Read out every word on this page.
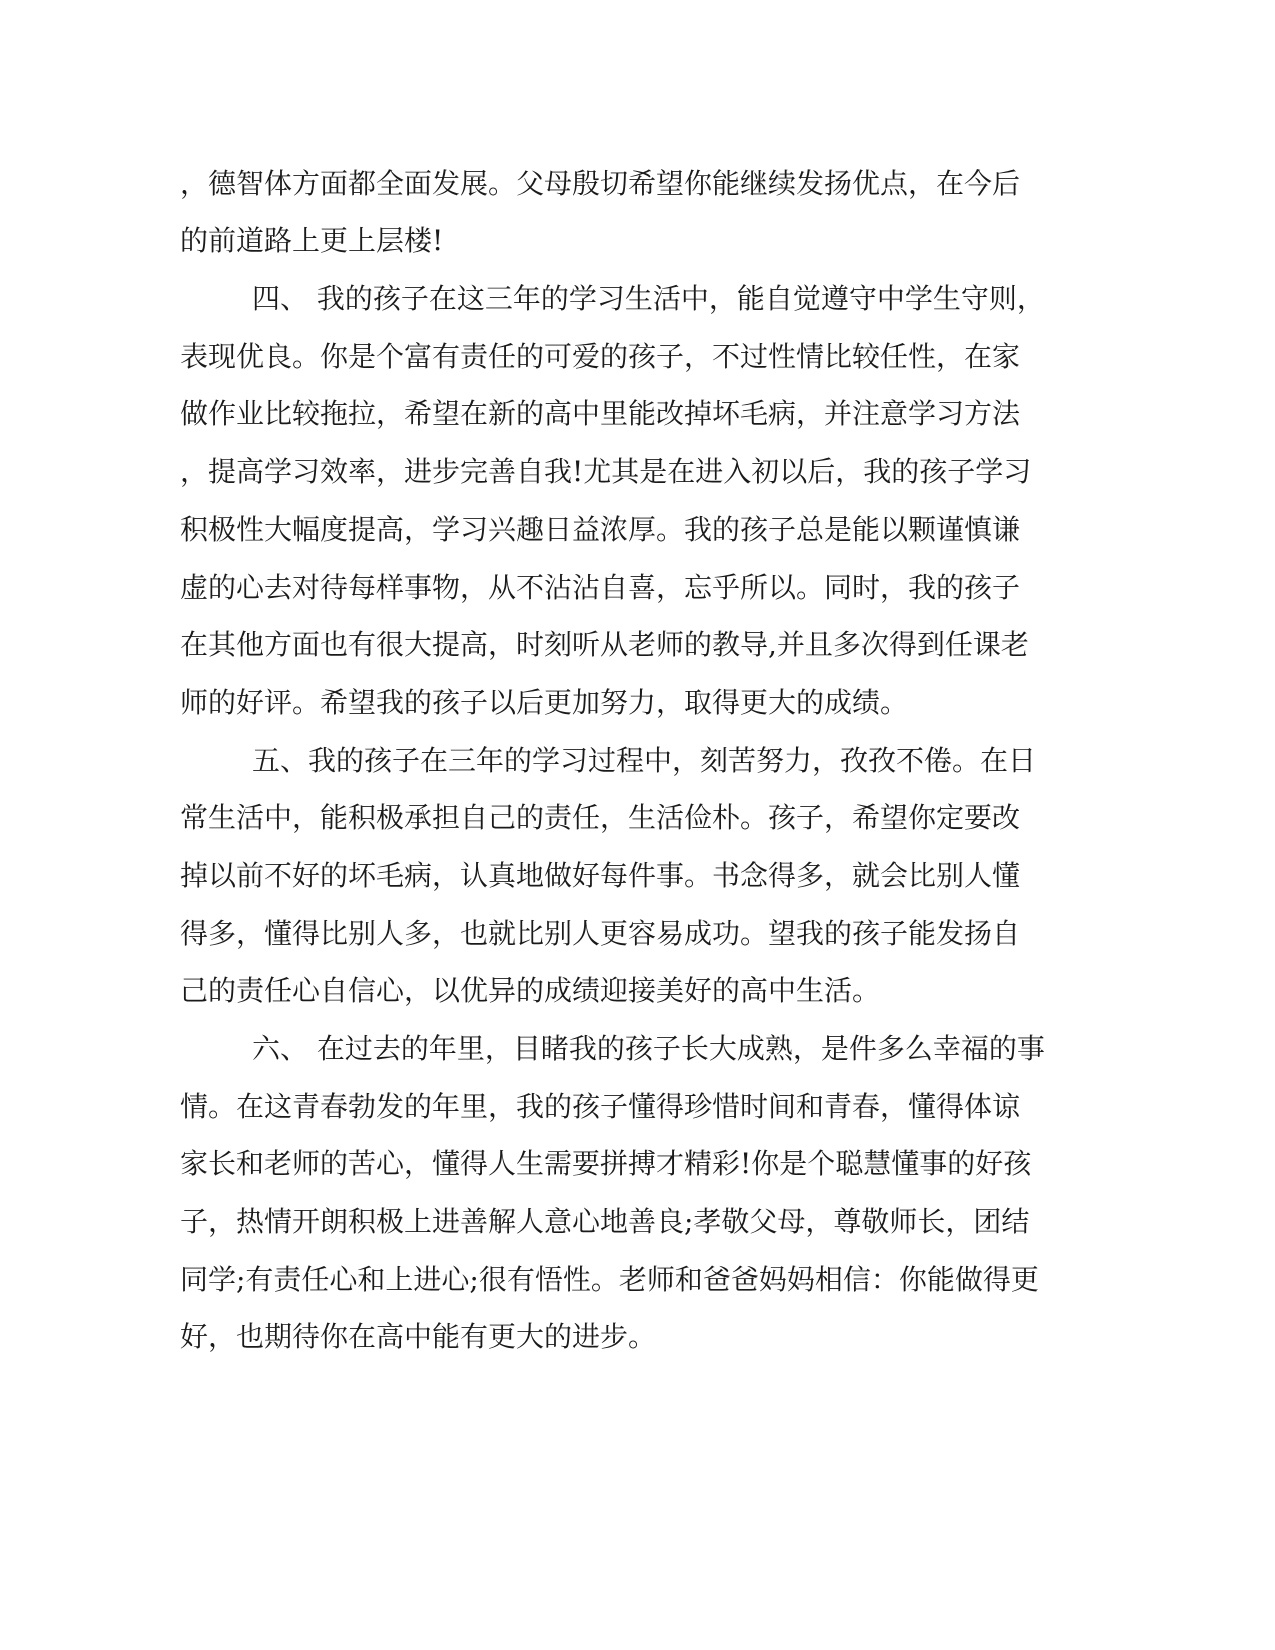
，德智体方面都全面发展。父母殷切希望你能继续发扬优点，在今后
的前道路上更上层楼!
四、 我的孩子在这三年的学习生活中，能自觉遵守中学生守则，
表现优良。你是个富有责任的可爱的孩子，不过性情比较任性，在家
做作业比较拖拉，希望在新的高中里能改掉坏毛病，并注意学习方法
，提高学习效率，进步完善自我!尤其是在进入初以后，我的孩子学习
积极性大幅度提高，学习兴趣日益浓厚。我的孩子总是能以颗谨慎谦
虚的心去对待每样事物，从不沾沾自喜，忘乎所以。同时，我的孩子
在其他方面也有很大提高，时刻听从老师的教导,并且多次得到任课老
师的好评。希望我的孩子以后更加努力，取得更大的成绩。
五、我的孩子在三年的学习过程中，刻苦努力，孜孜不倦。在日
常生活中，能积极承担自己的责任，生活俭朴。孩子，希望你定要改
掉以前不好的坏毛病，认真地做好每件事。书念得多，就会比别人懂
得多，懂得比别人多，也就比别人更容易成功。望我的孩子能发扬自
己的责任心自信心，以优异的成绩迎接美好的高中生活。
六、 在过去的年里，目睹我的孩子长大成熟，是件多么幸福的事
情。在这青春勃发的年里，我的孩子懂得珍惜时间和青春，懂得体谅
家长和老师的苦心，懂得人生需要拼搏才精彩!你是个聪慧懂事的好孩
子，热情开朗积极上进善解人意心地善良;孝敬父母，尊敬师长，团结
同学;有责任心和上进心;很有悟性。老师和爸爸妈妈相信：你能做得更
好，也期待你在高中能有更大的进步。
